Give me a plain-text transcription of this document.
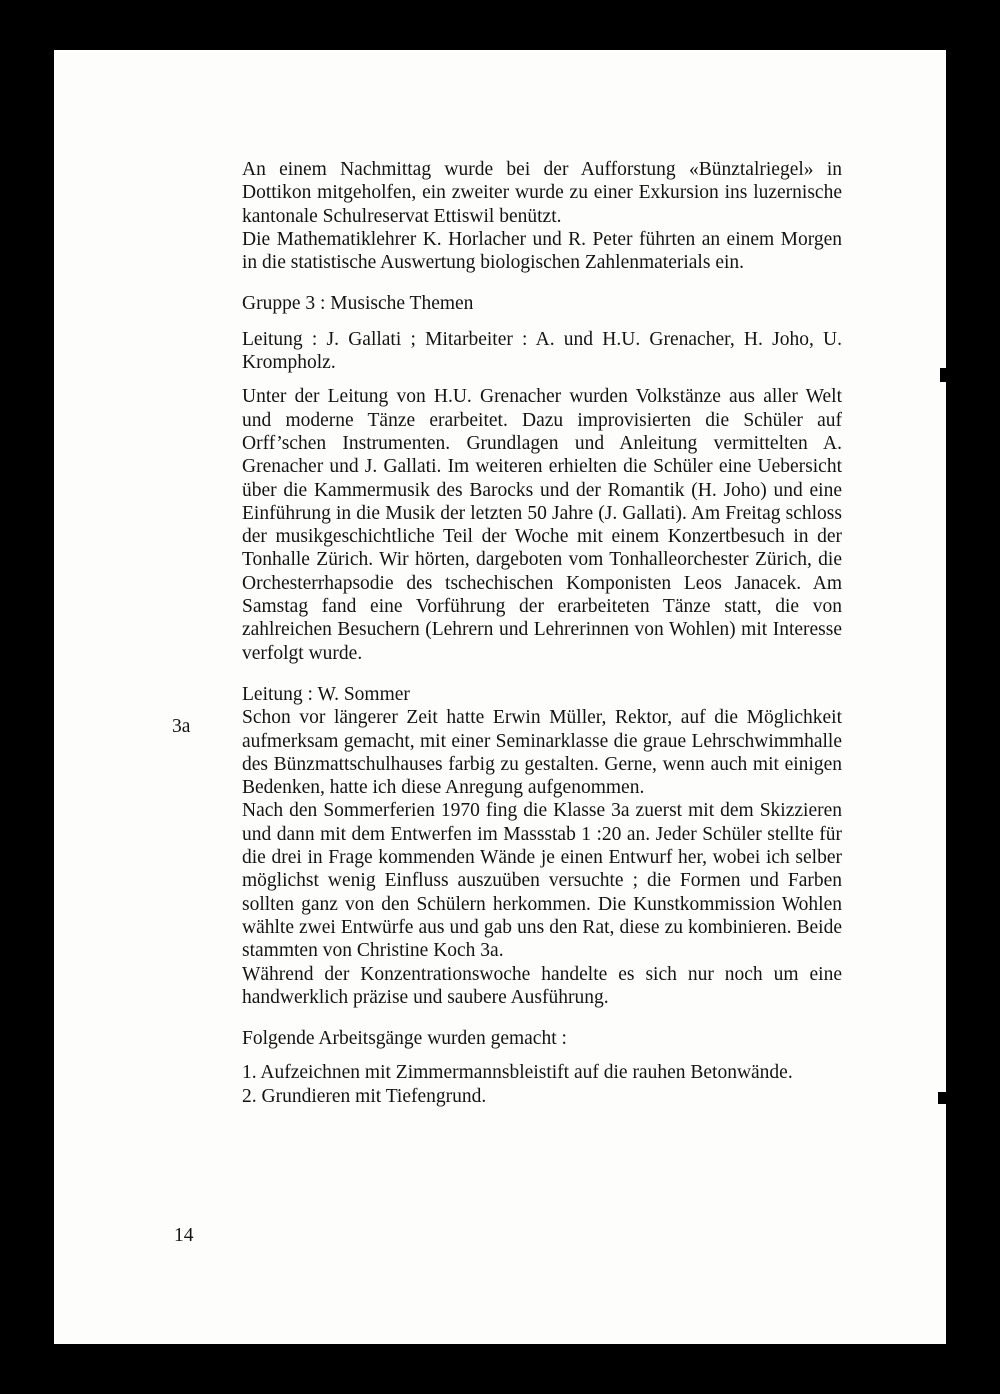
An einem Nachmittag wurde bei der Aufforstung «Bünztalriegel» in Dottikon mitgeholfen, ein zweiter wurde zu einer Exkursion ins luzernische kantonale Schulreservat Ettiswil benützt.

Die Mathematiklehrer K. Horlacher und R. Peter führten an einem Morgen in die statistische Auswertung biologischen Zahlenmaterials ein.

Gruppe 3 : Musische Themen

Leitung : J. Gallati ; Mitarbeiter : A. und H.U. Grenacher, H. Joho, U. Krompholz.

Unter der Leitung von H.U. Grenacher wurden Volkstänze aus aller Welt und moderne Tänze erarbeitet. Dazu improvisierten die Schüler auf Orff’schen Instrumenten. Grundlagen und Anleitung vermittelten A. Grenacher und J. Gallati. Im weiteren erhielten die Schüler eine Uebersicht über die Kammermusik des Barocks und der Romantik (H. Joho) und eine Einführung in die Musik der letzten 50 Jahre (J. Gallati). Am Freitag schloss der musikgeschichtliche Teil der Woche mit einem Konzertbesuch in der Tonhalle Zürich. Wir hörten, dargeboten vom Tonhalleorchester Zürich, die Orchesterrhapsodie des tschechischen Komponisten Leos Janacek. Am Samstag fand eine Vorführung der erarbeiteten Tänze statt, die von zahlreichen Besuchern (Lehrern und Lehrerinnen von Wohlen) mit Interesse verfolgt wurde.

Leitung : W. Sommer

Schon vor längerer Zeit hatte Erwin Müller, Rektor, auf die Möglichkeit aufmerksam gemacht, mit einer Seminarklasse die graue Lehrschwimmhalle des Bünzmattschulhauses farbig zu gestalten. Gerne, wenn auch mit einigen Bedenken, hatte ich diese Anregung aufgenommen.

Nach den Sommerferien 1970 fing die Klasse 3a zuerst mit dem Skizzieren und dann mit dem Entwerfen im Massstab 1 :20 an. Jeder Schüler stellte für die drei in Frage kommenden Wände je einen Entwurf her, wobei ich selber möglichst wenig Einfluss auszuüben versuchte ; die Formen und Farben sollten ganz von den Schülern herkommen. Die Kunstkommission Wohlen wählte zwei Entwürfe aus und gab uns den Rat, diese zu kombinieren. Beide stammten von Christine Koch 3a.

Während der Konzentrationswoche handelte es sich nur noch um eine handwerklich präzise und saubere Ausführung.

Folgende Arbeitsgänge wurden gemacht :

1. Aufzeichnen mit Zimmermannsbleistift auf die rauhen Betonwände.

2. Grundieren mit Tiefengrund.

3a
14
